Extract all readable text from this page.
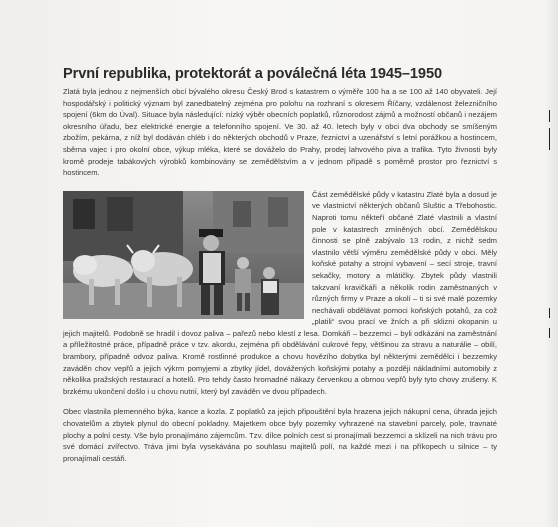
První republika, protektorát a poválečná léta 1945–1950

Zlatá byla jednou z nejmenších obcí bývalého okresu Český Brod s katastrem o výměře 100 ha a se 100 až 140 obyvateli. Její hospodářský i politický význam byl zanedbatelný zejména pro polohu na rozhraní s okresem Říčany, vzdálenost železničního spojení (6km do Úval). Situace byla následující: nízký výběr obecních poplatků, různorodost zájmů a možností občanů i nezájem okresního úřadu, bez elektrické energie a telefonního spojení. Ve 30. až 40. letech byly v obci dva obchody se smíšeným zbožím, pekárna, z níž byl dodáván chléb i do některých obchodů v Praze, řeznictví a uzenářství s letní porážkou a hostincem, sběrna vajec i pro okolní obce, výkup mléka, které se dováželo do Prahy, prodej lahvového piva a trafika. Tyto živnosti byly kromě prodeje tabákových výrobků kombinovány se zemědělstvím a v jednom případě s poměrně prostor pro řeznictví s hostincem.

Část zemědělské půdy v katastru Zlaté byla a dosud je ve vlastnictví některých občanů Sluštic a Třebohostic. Naproti tomu někteří občané Zlaté vlastnili a vlastní pole v katastrech zmíněných obcí. Zemědělskou činnosti se plně zabývalo 13 rodin, z nichž sedm vlastnilo větší výměru zemědělské půdy v obci. Měly koňské potahy a strojní vybavení – secí stroje, travní sekačky, motory a mlátičky. Zbytek půdy vlastnili takzvaní kravičkáři a několik rodin zaměstnaných v různých firmy v Praze a okolí – ti si své malé pozemky nechávali obdělávat pomoci koňských potahů, za což „platili“ svou prací ve žních a při sklizni okopanin u jejich majitelů. Podobně se hradil i dovoz paliva – pařezů nebo klestí z lesa. Domkáři – bezzemci – byli odkázáni na zaměstnání a příležitostné práce, případně práce v tzv. akordu, zejména při obdělávání cukrové řepy, většinou za stravu a naturálie – obilí, brambory, případně odvoz paliva. Kromě rostlinné produkce a chovu hovězího dobytka byl některými zemědělci i bezzemky zaváděn chov vepřů a jejich výkrm pomyjemi a zbytky jídel, dovážených koňskými potahy a později nákladními automobily z několika pražských restaurací a hotelů. Pro tehdy často hromadné nákazy červenkou a obrnou vepřů byly tyto chovy zrušeny. K brzkému ukončení došlo i u chovu nutrií, který byl zaváděn ve dvou případech.

Obec vlastnila plemenného býka, kance a kozla. Z poplatků za jejich připouštění byla hrazena jejich nákupní cena, úhrada jejich chovatelům a zbytek plynul do obecní pokladny. Majetkem obce byly pozemky vyhrazené na stavební parcely, pole, travnaté plochy a polní cesty. Vše bylo pronajímáno zájemcům. Tzv. dílce polních cest si pronajímali bezzemci a sklízeli na nich trávu pro své domácí zvířectvo. Tráva jimi byla vysekávána po souhlasu majitelů polí, na každé mezi i na příkopech u silnice – ty pronajímali cestáři.
